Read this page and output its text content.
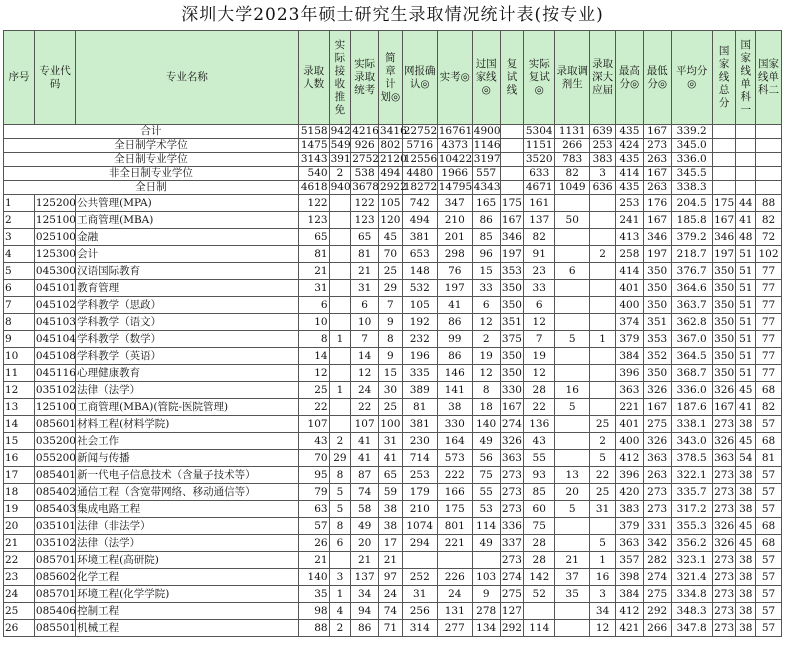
深圳大学2023年硕士研究生录取情况统计表(按专业)
序号	专业代码	专业名称	录取人数	实际接收推免	实际录取统考	简章计划◎	网报确认◎	实考◎	过国家线◎	复试线	实际复试◎	录取调剂生	录取深大应届	最高分◎	最低分◎	平均分◎	国家线总分	国家线单科一	国家线单科二
合计			5158	942	4216	3416	22752	16761	4900		5304	1131	639	435	167	339.2			
全日制学术学位			1475	549	926	802	5716	4373	1146		1151	266	253	424	273	345.0			
全日制专业学位			3143	391	2752	2120	12556	10422	3197		3520	783	383	435	263	336.0			
非全日制专业学位			540	2	538	494	4480	1966	557		633	82	3	414	167	345.5			
全日制			4618	940	3678	2922	18272	14795	4343		4671	1049	636	435	263	338.3			
1	125200	公共管理(MPA)	122		122	105	742	347	165	175	161			253	176	204.5	175	44	88
2	125100	工商管理(MBA)	123		123	120	494	210	86	167	137	50		241	167	185.8	167	41	82
3	025100	金融	65		65	45	381	201	85	346	82			413	346	379.2	346	48	72
4	125300	会计	81		81	70	653	298	96	197	91		2	258	197	218.7	197	51	102
5	045300	汉语国际教育	21		21	25	148	76	15	353	23	6		414	350	376.7	350	51	77
6	045101	教育管理	31		31	29	532	197	33	350	33			401	350	364.6	350	51	77
7	045102	学科教学（思政）	6		6	7	105	41	6	350	6			400	350	363.7	350	51	77
8	045103	学科教学（语文）	10		10	9	192	86	12	351	12			374	351	362.8	350	51	77
9	045104	学科教学（数学）	8	1	7	8	232	99	2	375	7	5	1	379	353	367.0	350	51	77
10	045108	学科教学（英语）	14		14	9	196	86	19	350	19			384	352	364.5	350	51	77
11	045116	心理健康教育	12		12	15	335	146	12	350	12			396	350	368.7	350	51	77
12	035102	法律（法学）	25	1	24	30	389	141	8	330	28	16		363	326	336.0	326	45	68
13	125100	工商管理(MBA)(管院-医院管理)	22		22	25	81	38	18	167	22	5		221	167	187.6	167	41	82
14	085601	材料工程(材料学院)	107		107	100	381	330	140	274	136		25	401	275	338.1	273	38	57
15	035200	社会工作	43	2	41	31	230	164	49	326	43		2	400	326	343.0	326	45	68
16	055200	新闻与传播	70	29	41	41	714	573	56	363	55		5	412	363	378.5	363	54	81
17	085401	新一代电子信息技术（含量子技术等）	95	8	87	65	253	222	75	273	93	13	22	396	263	322.1	273	38	57
18	085402	通信工程（含宽带网络、移动通信等）	79	5	74	59	179	166	55	273	85	20	25	420	273	335.7	273	38	57
19	085403	集成电路工程	63	5	58	38	210	175	53	273	60	5	31	383	273	317.2	273	38	57
20	035101	法律（非法学）	57	8	49	38	1074	801	114	336	75			379	331	355.3	326	45	68
21	035102	法律（法学）	26	6	20	17	294	221	49	337	28		5	363	342	356.2	326	45	68
22	085701	环境工程(高研院)	21		21	21				273	28	21	1	357	282	323.1	273	38	57
23	085602	化学工程	140	3	137	97	252	226	103	274	142	37	16	398	274	321.4	273	38	57
24	085701	环境工程(化学学院)	35	1	34	24	31	24	9	275	52	35	3	384	275	334.8	273	38	57
25	085406	控制工程	98	4	94	74	256	131	278	127			34	412	292	348.3	273	38	57
26	085501	机械工程	88	2	86	71	314	277	134	292	114		12	421	266	347.8	273	38	57
